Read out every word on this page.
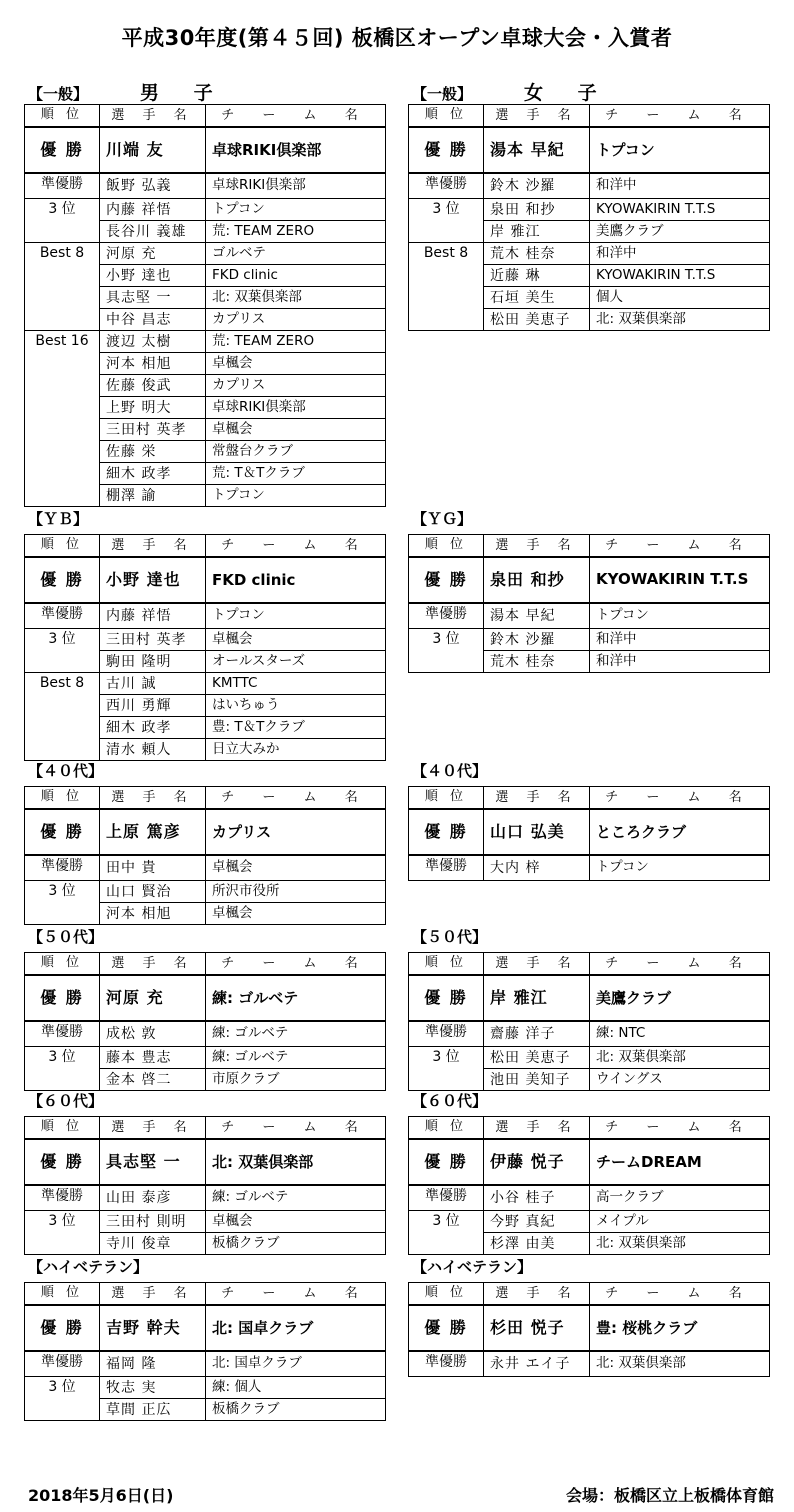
平成30年度(第４５回) 板橋区オープン卓球大会・入賞者
【一般】	男 子
順 位	選 手 名	チ ー ム 名
優 勝	川端 友	卓球RIKI倶楽部
準優勝	飯野 弘義	卓球RIKI倶楽部
3 位	内藤 祥悟	トプコン
	長谷川 義雄	荒: TEAM ZERO
Best 8	河原 充	ゴルベテ
	小野 達也	FKD clinic
	具志堅 一	北: 双葉倶楽部
	中谷 昌志	カプリス
Best 16	渡辺 太樹	荒: TEAM ZERO
	河本 相旭	卓楓会
	佐藤 俊武	カプリス
	上野 明大	卓球RIKI倶楽部
	三田村 英孝	卓楓会
	佐藤 栄	常盤台クラブ
	細木 政孝	荒: T＆Tクラブ
	棚澤 諭	トプコン
【一般】	女 子
順 位	選 手 名	チ ー ム 名
優 勝	湯本 早紀	トプコン
準優勝	鈴木 沙羅	和洋中
3 位	泉田 和抄	KYOWAKIRIN T.T.S
	岸 雅江	美鷹クラブ
Best 8	荒木 桂奈	和洋中
	近藤 琳	KYOWAKIRIN T.T.S
	石垣 美生	個人
	松田 美恵子	北: 双葉倶楽部
【ＹＢ】
順 位	選 手 名	チ ー ム 名
優 勝	小野 達也	FKD clinic
準優勝	内藤 祥悟	トプコン
3 位	三田村 英孝	卓楓会
	駒田 隆明	オールスターズ
Best 8	古川 誠	KMTTC
	西川 勇輝	はいちゅう
	細木 政孝	豊: T＆Tクラブ
	清水 頼人	日立大みか
【ＹＧ】
順 位	選 手 名	チ ー ム 名
優 勝	泉田 和抄	KYOWAKIRIN T.T.S
準優勝	湯本 早紀	トプコン
3 位	鈴木 沙羅	和洋中
	荒木 桂奈	和洋中
【４０代】
順 位	選 手 名	チ ー ム 名
優 勝	上原 篤彦	カプリス
準優勝	田中 貴	卓楓会
3 位	山口 賢治	所沢市役所
	河本 相旭	卓楓会
【４０代】
順 位	選 手 名	チ ー ム 名
優 勝	山口 弘美	ところクラブ
準優勝	大内 梓	トプコン
【５０代】
順 位	選 手 名	チ ー ム 名
優 勝	河原 充	練: ゴルベテ
準優勝	成松 敦	練: ゴルベテ
3 位	藤本 豊志	練: ゴルベテ
	金本 啓二	市原クラブ
【５０代】
順 位	選 手 名	チ ー ム 名
優 勝	岸 雅江	美鷹クラブ
準優勝	齋藤 洋子	練: NTC
3 位	松田 美恵子	北: 双葉倶楽部
	池田 美知子	ウイングス
【６０代】
順 位	選 手 名	チ ー ム 名
優 勝	具志堅 一	北: 双葉倶楽部
準優勝	山田 泰彦	練: ゴルベテ
3 位	三田村 則明	卓楓会
	寺川 俊章	板橋クラブ
【６０代】
順 位	選 手 名	チ ー ム 名
優 勝	伊藤 悦子	チームDREAM
準優勝	小谷 桂子	高一クラブ
3 位	今野 真紀	メイプル
	杉澤 由美	北: 双葉倶楽部
【ハイベテラン】
順 位	選 手 名	チ ー ム 名
優 勝	吉野 幹夫	北: 国卓クラブ
準優勝	福岡 隆	北: 国卓クラブ
3 位	牧志 実	練: 個人
	草間 正広	板橋クラブ
【ハイベテラン】
順 位	選 手 名	チ ー ム 名
優 勝	杉田 悦子	豊: 桜桃クラブ
準優勝	永井 エイ子	北: 双葉倶楽部
2018年5月6日(日)	会場：板橋区立上板橋体育館
